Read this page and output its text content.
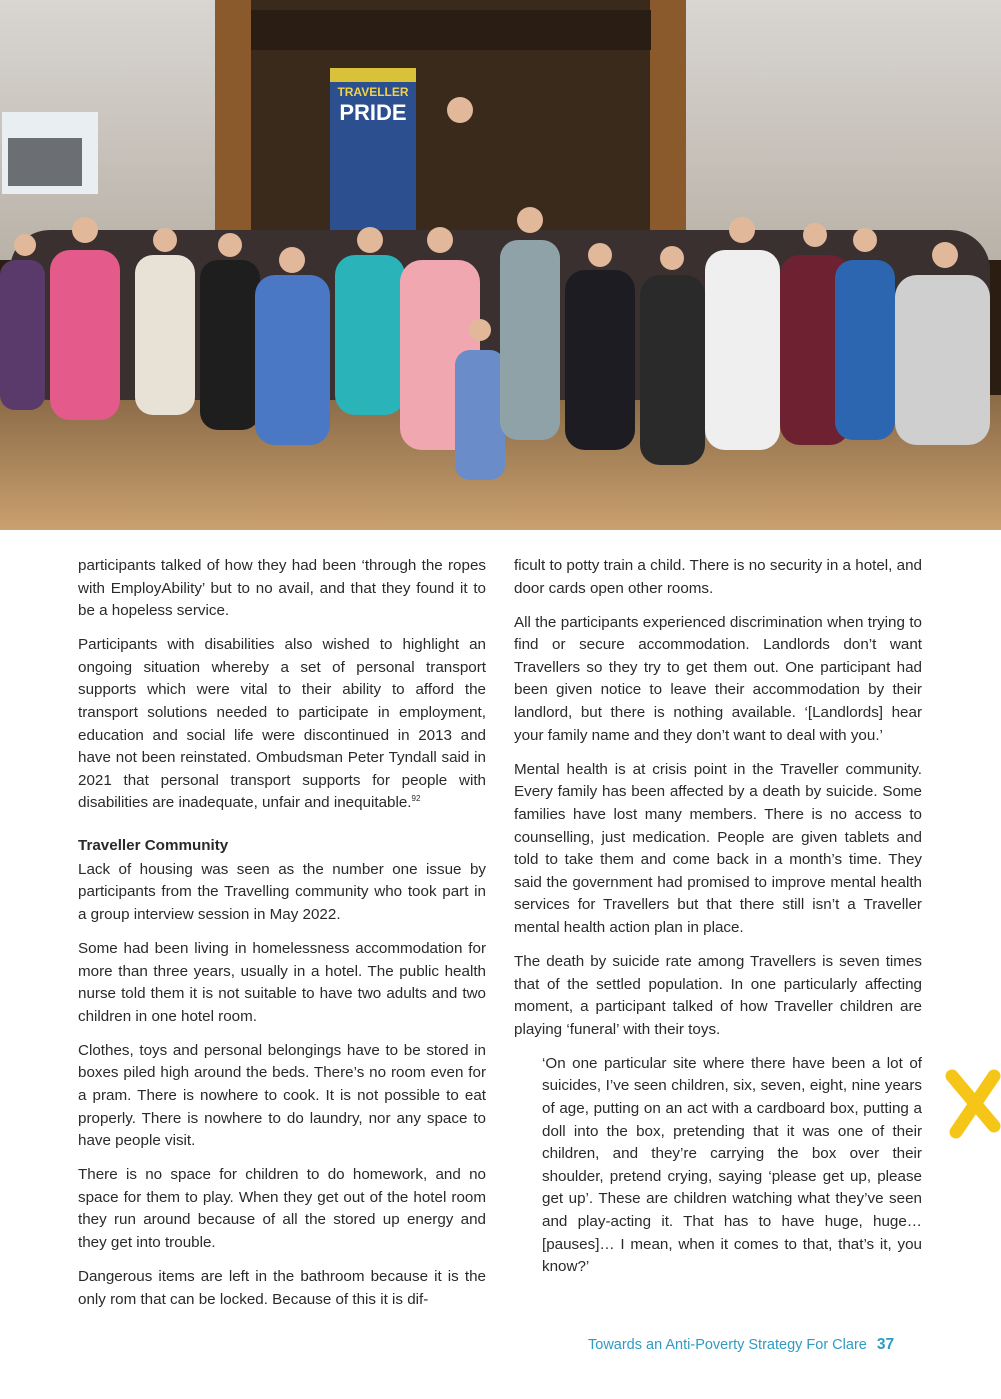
TRAVELLER
PRIDE

participants talked of how they had been ‘through the ropes with EmployAbility’ but to no avail, and that they found it to be a hopeless service.

Participants with disabilities also wished to highlight an ongoing situation whereby a set of personal transport supports which were vital to their ability to afford the transport solutions needed to participate in employment, education and social life were discontinued in 2013 and have not been reinstated. Ombudsman Peter Tyndall said in 2021 that personal transport supports for people with disabilities are inadequate, unfair and inequitable.$^{92}$

Traveller Community

Lack of housing was seen as the number one issue by participants from the Travelling community who took part in a group interview session in May 2022.

Some had been living in homelessness accommodation for more than three years, usually in a hotel. The public health nurse told them it is not suitable to have two adults and two children in one hotel room.

Clothes, toys and personal belongings have to be stored in boxes piled high around the beds. There’s no room even for a pram. There is nowhere to cook. It is not possible to eat properly. There is nowhere to do laundry, nor any space to have people visit.

There is no space for children to do homework, and no space for them to play. When they get out of the hotel room they run around because of all the stored up energy and they get into trouble.

Dangerous items are left in the bathroom because it is the only rom that can be locked. Because of this it is dif-

ficult to potty train a child. There is no security in a hotel, and door cards open other rooms.

All the participants experienced discrimination when trying to find or secure accommodation. Landlords don’t want Travellers so they try to get them out. One participant had been given notice to leave their accommodation by their landlord, but there is nothing available. ‘[Landlords] hear your family name and they don’t want to deal with you.’

Mental health is at crisis point in the Traveller community. Every family has been affected by a death by suicide. Some families have lost many members. There is no access to counselling, just medication. People are given tablets and told to take them and come back in a month’s time. They said the government had promised to improve mental health services for Travellers but that there still isn’t a Traveller mental health action plan in place.

The death by suicide rate among Travellers is seven times that of the settled population. In one particularly affecting moment, a participant talked of how Traveller children are playing ‘funeral’ with their toys.

‘On one particular site where there have been a lot of suicides, I’ve seen children, six, seven, eight, nine years of age, putting on an act with a cardboard box, putting a doll into the box, pretending that it was one of their children, and they’re carrying the box over their shoulder, pretend crying, saying ‘please get up, please get up’. These are children watching what they’ve seen and play-acting it. That has to have huge, huge… [pauses]… I mean, when it comes to that, that’s it, you know?’

Towards an Anti-Poverty Strategy For Clare 37
